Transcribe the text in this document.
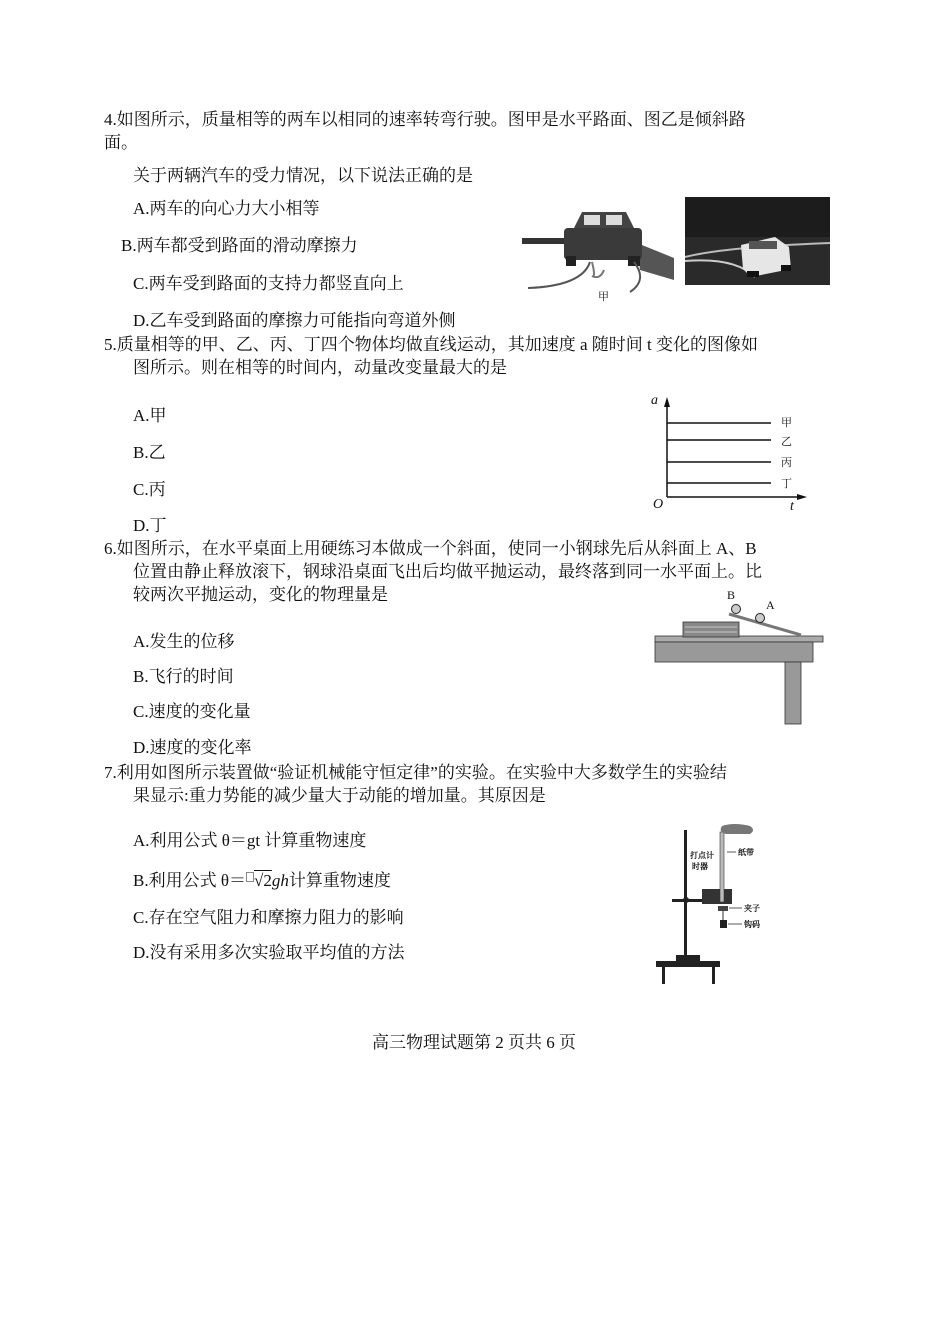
4.如图所示，质量相等的两车以相同的速率转弯行驶。图甲是水平路面、图乙是倾斜路
面。
关于两辆汽车的受力情况，以下说法正确的是
A.两车的向心力大小相等
B.两车都受到路面的滑动摩擦力
C.两车受到路面的支持力都竖直向上
D.乙车受到路面的摩擦力可能指向弯道外侧
甲
5.质量相等的甲、乙、丙、丁四个物体均做直线运动，其加速度 a 随时间 t 变化的图像如
图所示。则在相等的时间内，动量改变量最大的是
A.甲
B.乙
C.丙
D.丁
a
t
O
甲
乙
丙
丁
6.如图所示，在水平桌面上用硬练习本做成一个斜面，使同一小钢球先后从斜面上 A、B
位置由静止释放滚下，钢球沿桌面飞出后均做平抛运动，最终落到同一水平面上。比
较两次平抛运动，变化的物理量是
A.发生的位移
B.飞行的时间
C.速度的变化量
D.速度的变化率
B
A
7.利用如图所示装置做“验证机械能守恒定律”的实验。在实验中大多数学生的实验结
果显示:重力势能的减少量大于动能的增加量。其原因是
A.利用公式 θ＝gt 计算重物速度
B.利用公式 θ＝ √2gh计算重物速度
C.存在空气阻力和摩擦力阻力的影响
D.没有采用多次实验取平均值的方法
打点计
时器
纸带
夹子
钩码
高三物理试题第 2 页共 6 页
